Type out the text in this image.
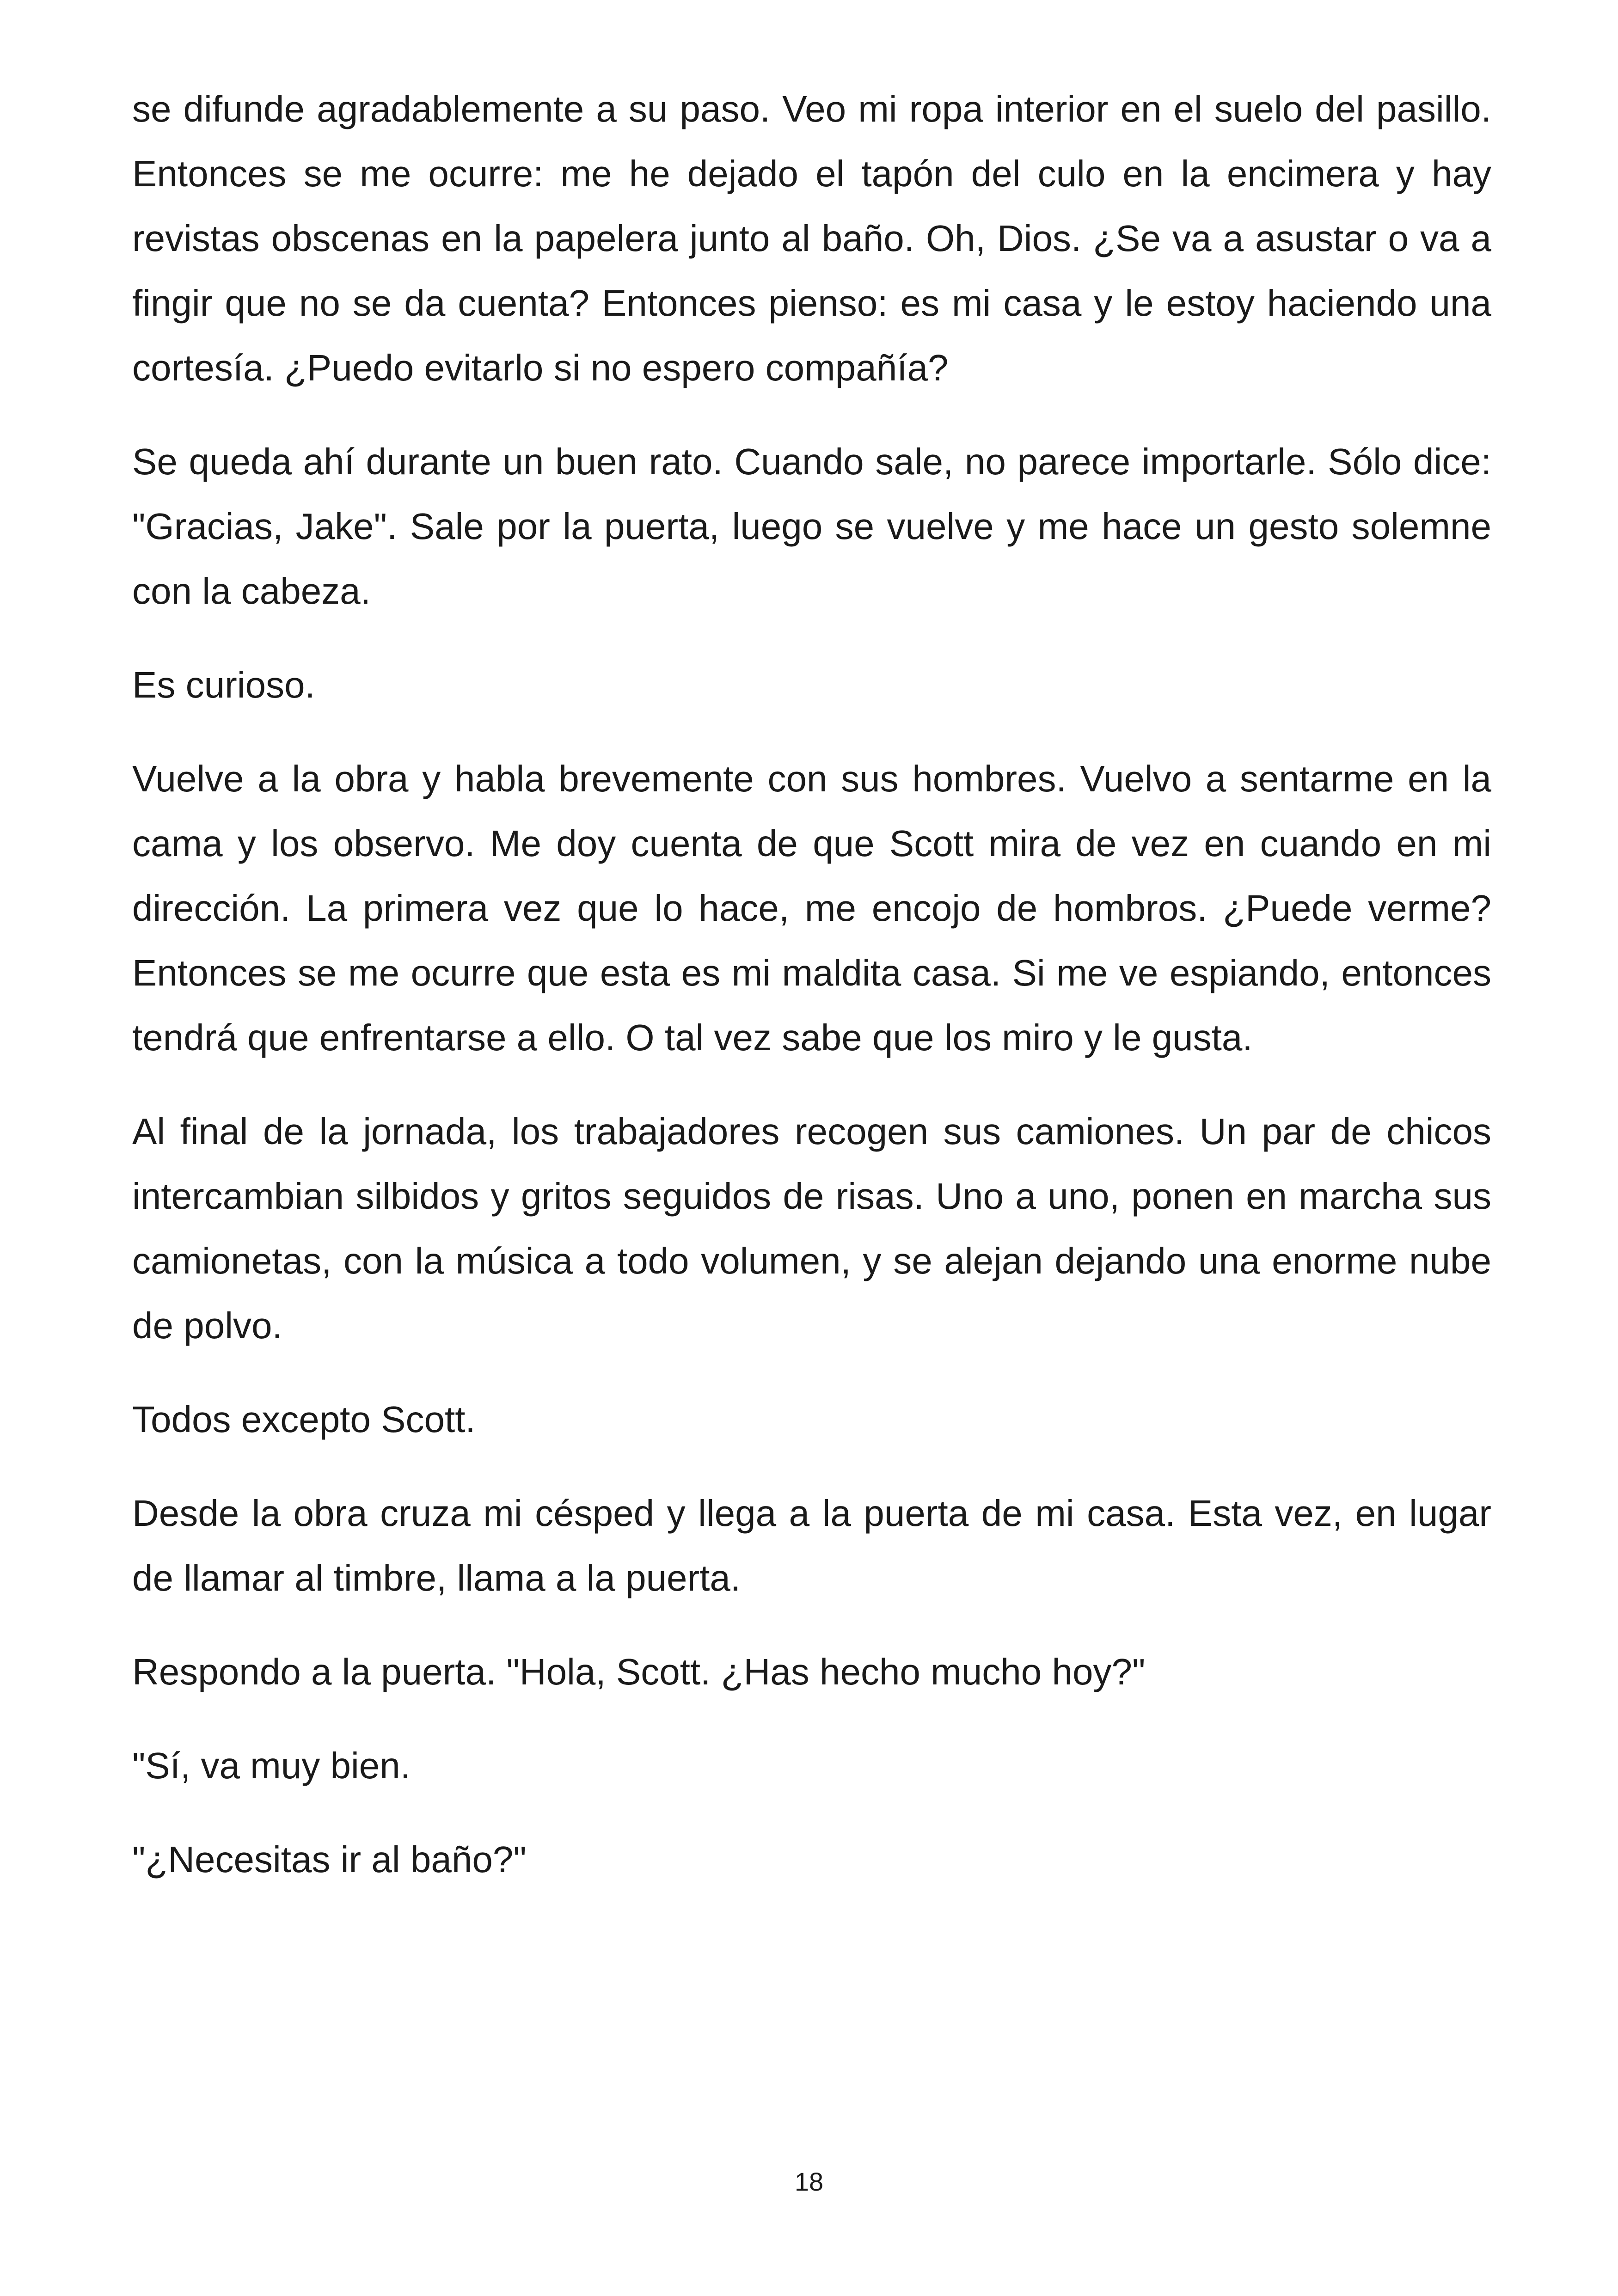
se difunde agradablemente a su paso. Veo mi ropa interior en el suelo del pasillo. Entonces se me ocurre: me he dejado el tapón del culo en la encimera y hay revistas obscenas en la papelera junto al baño. Oh, Dios. ¿Se va a asustar o va a fingir que no se da cuenta? Entonces pienso: es mi casa y le estoy haciendo una cortesía. ¿Puedo evitarlo si no espero compañía?

Se queda ahí durante un buen rato. Cuando sale, no parece importarle. Sólo dice: "Gracias, Jake". Sale por la puerta, luego se vuelve y me hace un gesto solemne con la cabeza.

Es curioso.

Vuelve a la obra y habla brevemente con sus hombres. Vuelvo a sentarme en la cama y los observo. Me doy cuenta de que Scott mira de vez en cuando en mi dirección. La primera vez que lo hace, me encojo de hombros. ¿Puede verme? Entonces se me ocurre que esta es mi maldita casa. Si me ve espiando, entonces tendrá que enfrentarse a ello. O tal vez sabe que los miro y le gusta.

Al final de la jornada, los trabajadores recogen sus camiones. Un par de chicos intercambian silbidos y gritos seguidos de risas. Uno a uno, ponen en marcha sus camionetas, con la música a todo volumen, y se alejan dejando una enorme nube de polvo.

Todos excepto Scott.

Desde la obra cruza mi césped y llega a la puerta de mi casa. Esta vez, en lugar de llamar al timbre, llama a la puerta.

Respondo a la puerta. "Hola, Scott. ¿Has hecho mucho hoy?"

"Sí, va muy bien.

"¿Necesitas ir al baño?"

18
